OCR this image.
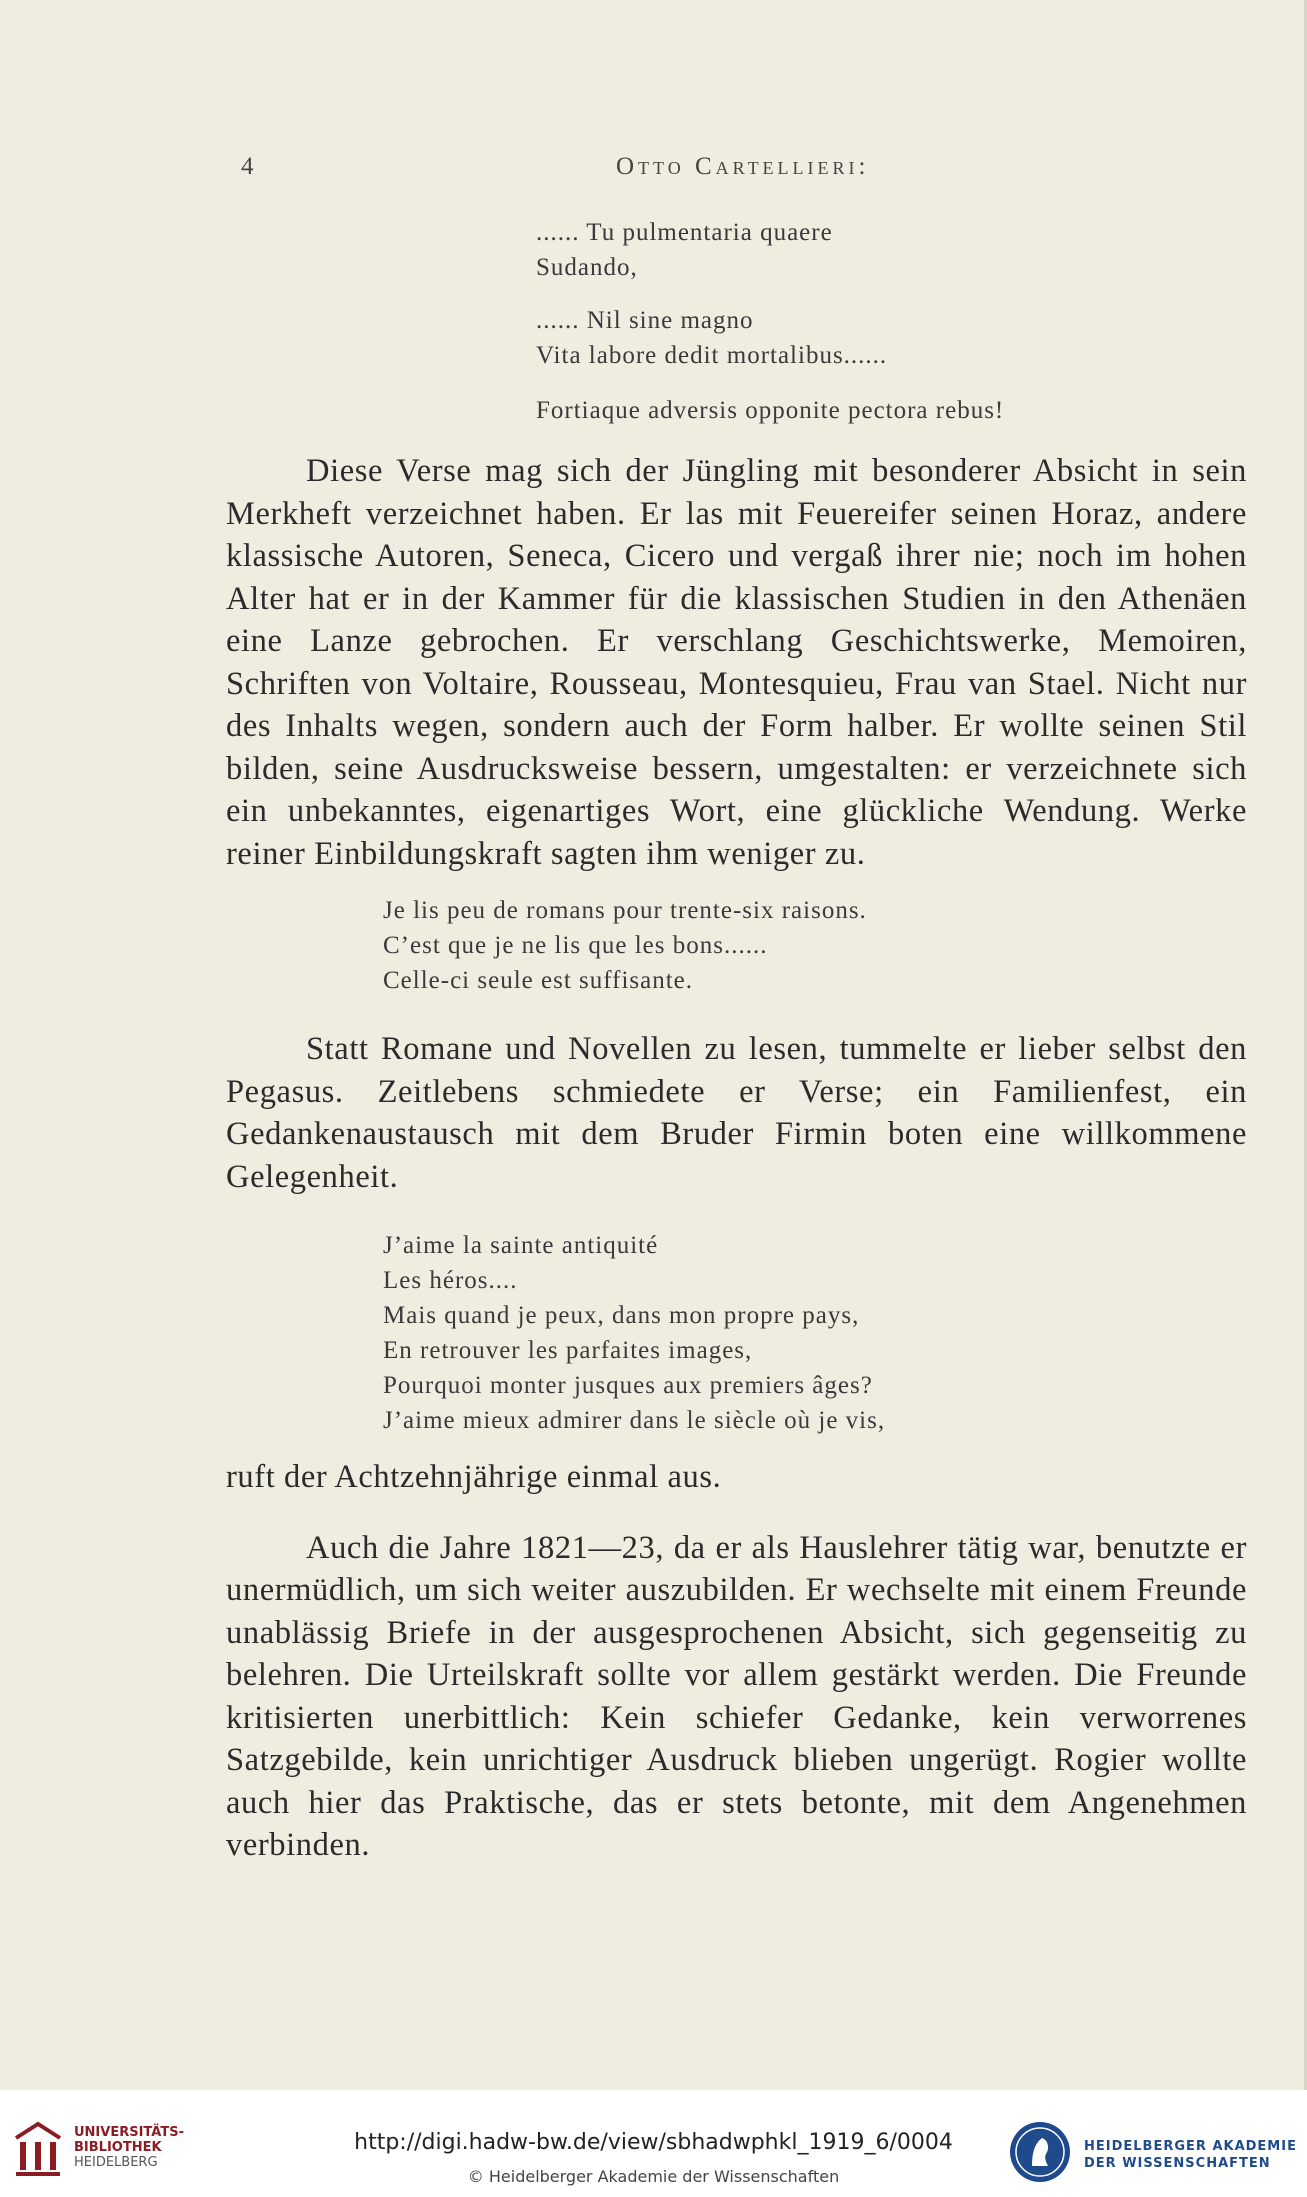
4	Otto Cartellieri:
...... Tu pulmentaria quaere
Sudando,
...... Nil sine magno
Vita labore dedit mortalibus......
Fortiaque adversis opponite pectora rebus!

Diese Verse mag sich der Jüngling mit besonderer Absicht in sein Merkheft verzeichnet haben. Er las mit Feuereifer seinen Horaz, andere klassische Autoren, Seneca, Cicero und vergaß ihrer nie; noch im hohen Alter hat er in der Kammer für die klassischen Studien in den Athenäen eine Lanze gebrochen. Er verschlang Geschichtswerke, Memoiren, Schriften von Voltaire, Rousseau, Montesquieu, Frau van Stael. Nicht nur des Inhalts wegen, sondern auch der Form halber. Er wollte seinen Stil bilden, seine Ausdrucksweise bessern, umgestalten: er verzeichnete sich ein unbekanntes, eigenartiges Wort, eine glückliche Wendung. Werke reiner Einbildungskraft sagten ihm weniger zu.

Je lis peu de romans pour trente-six raisons.
C’est que je ne lis que les bons......
Celle-ci seule est suffisante.

Statt Romane und Novellen zu lesen, tummelte er lieber selbst den Pegasus. Zeitlebens schmiedete er Verse; ein Familienfest, ein Gedankenaustausch mit dem Bruder Firmin boten eine willkommene Gelegenheit.

J’aime la sainte antiquité
Les héros....
Mais quand je peux, dans mon propre pays,
En retrouver les parfaites images,
Pourquoi monter jusques aux premiers âges?
J’aime mieux admirer dans le siècle où je vis,

ruft der Achtzehnjährige einmal aus.

Auch die Jahre 1821—23, da er als Hauslehrer tätig war, benutzte er unermüdlich, um sich weiter auszubilden. Er wechselte mit einem Freunde unablässig Briefe in der ausgesprochenen Absicht, sich gegenseitig zu belehren. Die Urteilskraft sollte vor allem gestärkt werden. Die Freunde kritisierten unerbittlich: Kein schiefer Gedanke, kein verworrenes Satzgebilde, kein unrichtiger Ausdruck blieben ungerügt. Rogier wollte auch hier das Praktische, das er stets betonte, mit dem Angenehmen verbinden.

UNIVERSITÄTS-
BIBLIOTHEK
HEIDELBERG
http://digi.hadw-bw.de/view/sbhadwphkl_1919_6/0004
© Heidelberger Akademie der Wissenschaften
HEIDELBERGER AKADEMIE
DER WISSENSCHAFTEN
